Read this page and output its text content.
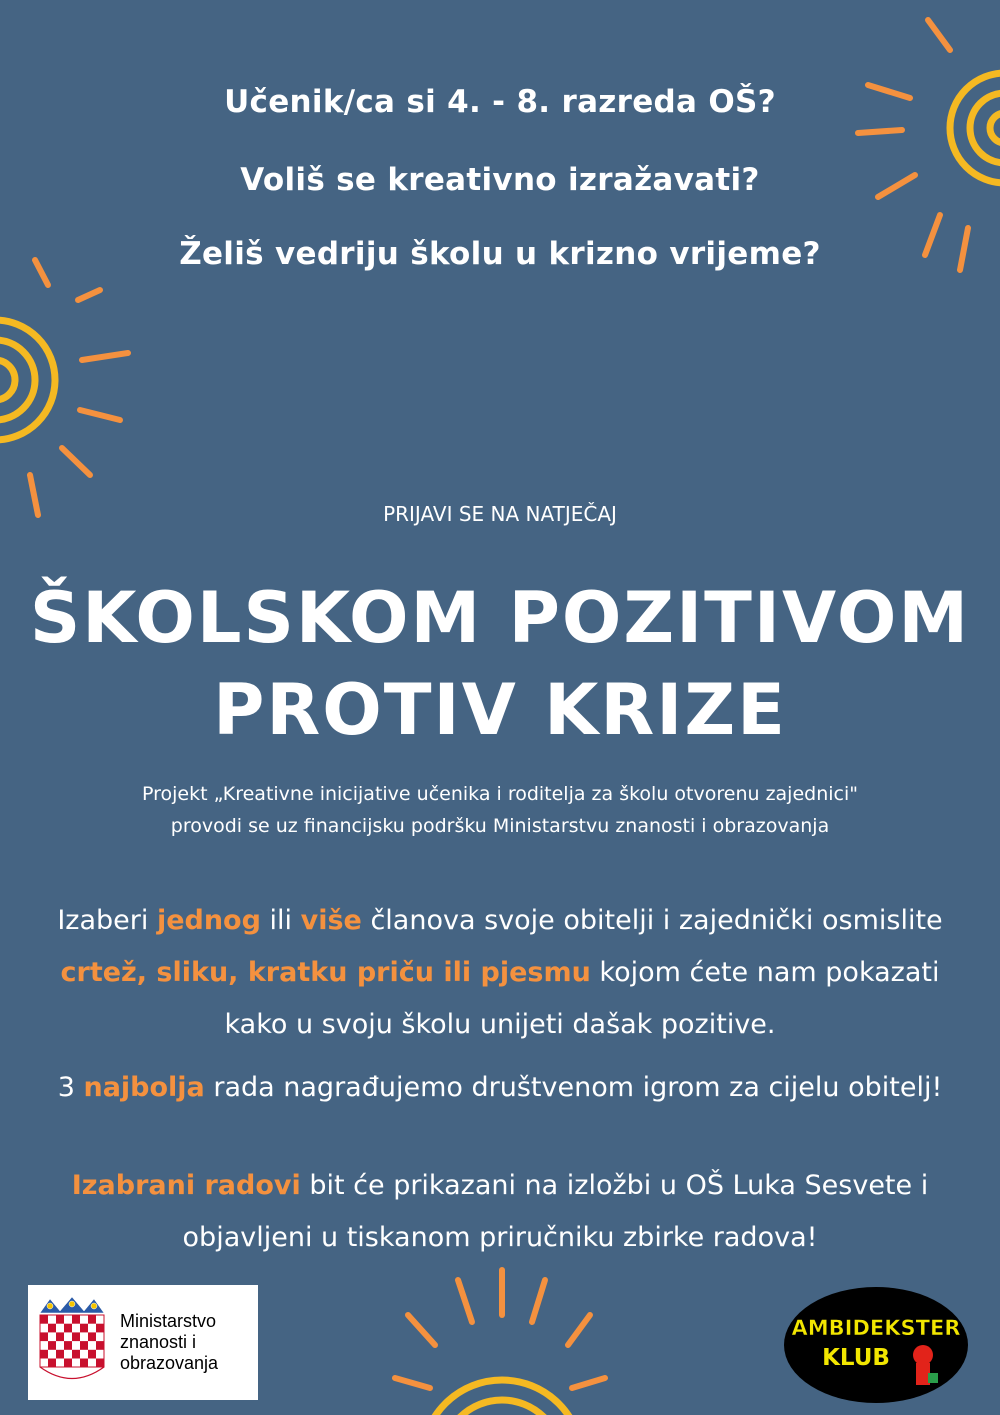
Učenik/ca si 4. - 8. razreda OŠ?
Voliš se kreativno izražavati?
Želiš vedriju školu u krizno vrijeme?
PRIJAVI SE NA NATJEČAJ
ŠKOLSKOM POZITIVOM
PROTIV KRIZE
Projekt „Kreativne inicijative učenika i roditelja za školu otvorenu zajednici"
provodi se uz financijsku podršku Ministarstvu znanosti i obrazovanja
Izaberi jednog ili više članova svoje obitelji i zajednički osmislite
crtež, sliku, kratku priču ili pjesmu kojom ćete nam pokazati
kako u svoju školu unijeti dašak pozitive.
3 najbolja rada nagrađujemo društvenom igrom za cijelu obitelj!
Izabrani radovi bit će prikazani na izložbi u OŠ Luka Sesvete i
objavljeni u tiskanom priručniku zbirke radova!
Ministarstvo
znanosti i
obrazovanja
AMBIDEKSTER
KLUB
